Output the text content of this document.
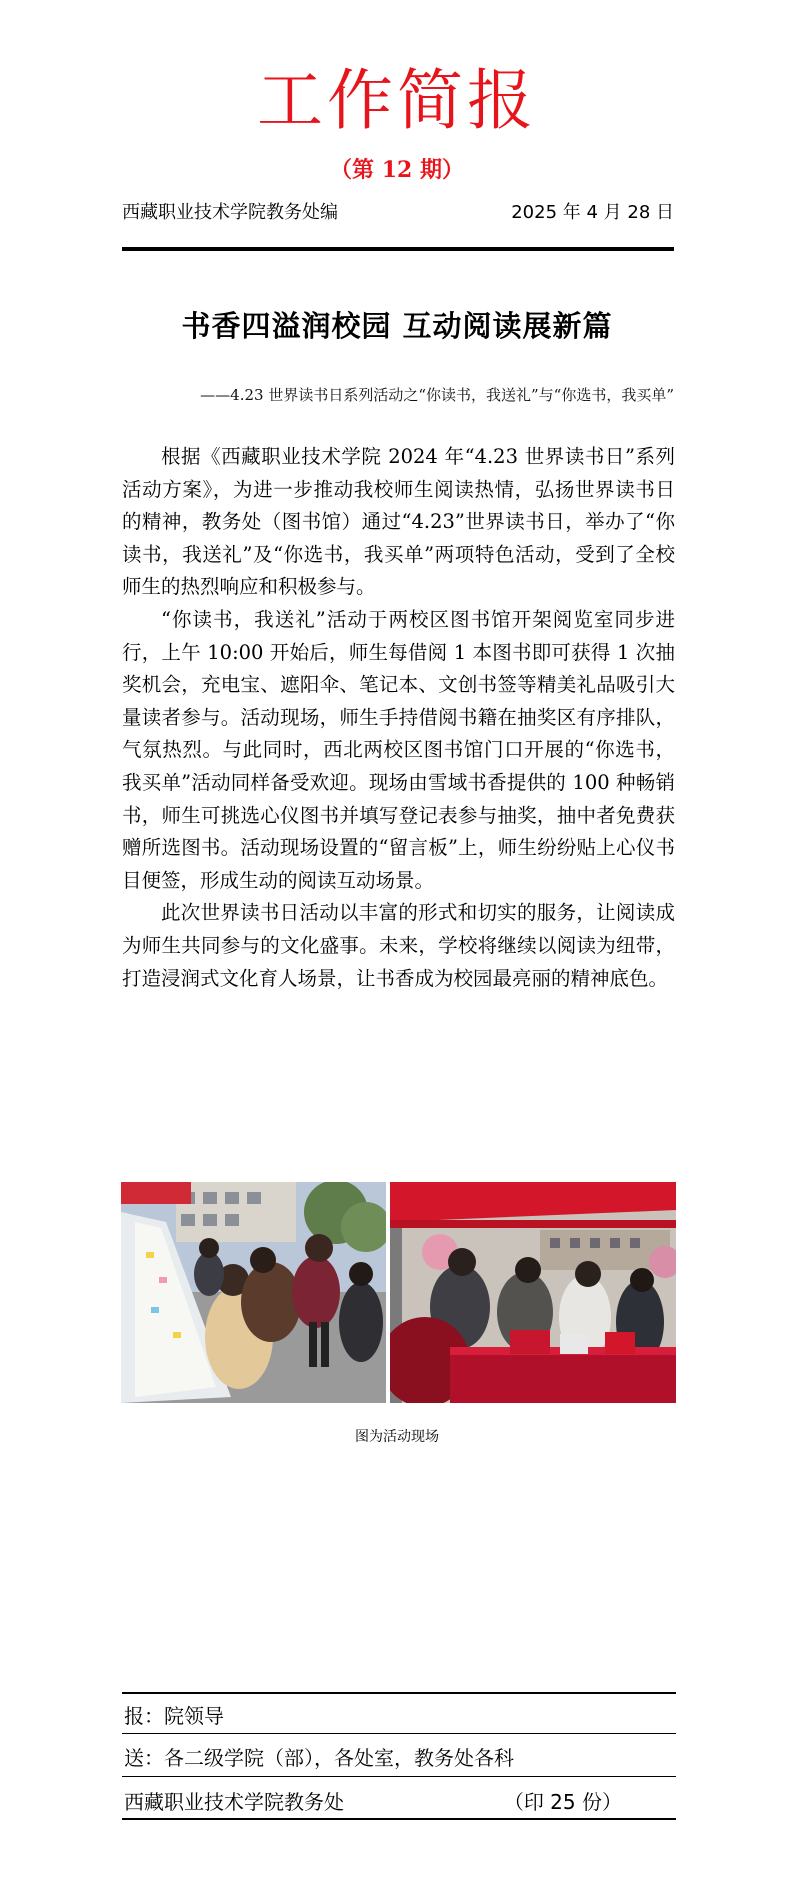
工作简报
（第 12 期）
西藏职业技术学院教务处编	2025 年 4 月 28 日
书香四溢润校园 互动阅读展新篇
——4.23 世界读书日系列活动之“你读书，我送礼”与“你选书，我买单”

根据《西藏职业技术学院 2024 年“4.23 世界读书日”系列活动方案》，为进一步推动我校师生阅读热情，弘扬世界读书日的精神，教务处（图书馆）通过“4.23”世界读书日，举办了“你读书，我送礼”及“你选书，我买单”两项特色活动，受到了全校师生的热烈响应和积极参与。

“你读书，我送礼”活动于两校区图书馆开架阅览室同步进行，上午 10:00 开始后，师生每借阅 1 本图书即可获得 1 次抽奖机会，充电宝、遮阳伞、笔记本、文创书签等精美礼品吸引大量读者参与。活动现场，师生手持借阅书籍在抽奖区有序排队，气氛热烈。与此同时，西北两校区图书馆门口开展的“你选书，我买单”活动同样备受欢迎。现场由雪域书香提供的 100 种畅销书，师生可挑选心仪图书并填写登记表参与抽奖，抽中者免费获赠所选图书。活动现场设置的“留言板”上，师生纷纷贴上心仪书目便签，形成生动的阅读互动场景。

此次世界读书日活动以丰富的形式和切实的服务，让阅读成为师生共同参与的文化盛事。未来，学校将继续以阅读为纽带，打造浸润式文化育人场景，让书香成为校园最亮丽的精神底色。

图为活动现场
报：院领导
送：各二级学院（部），各处室，教务处各科
西藏职业技术学院教务处	（印 25 份）
